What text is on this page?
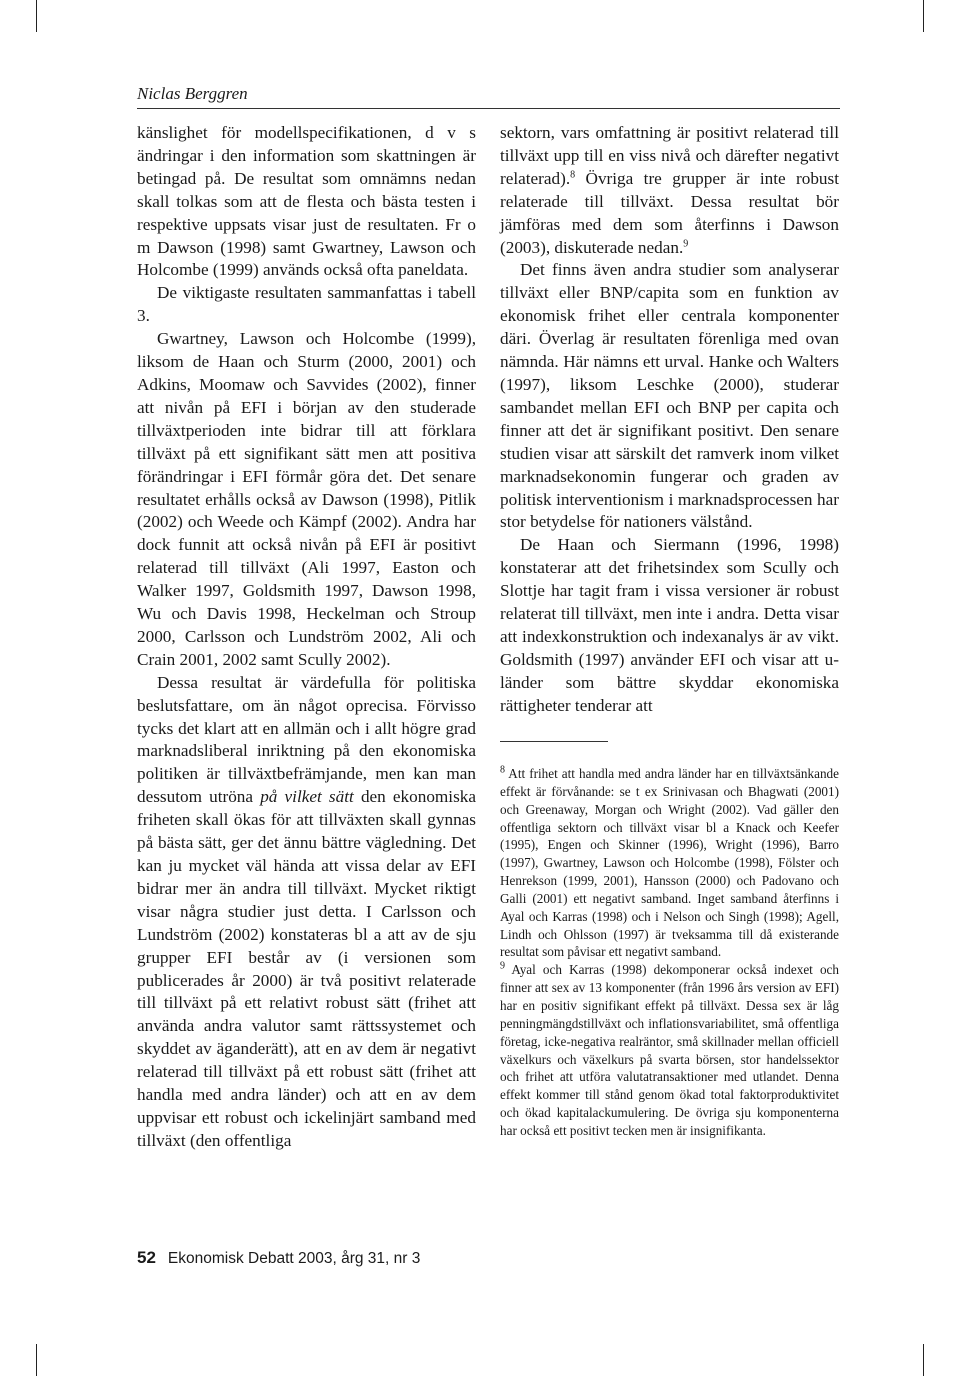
Niclas Berggren

känslighet för modellspecifikationen, d v s ändringar i den information som skattningen är betingad på. De resultat som omnämns nedan skall tolkas som att de flesta och bästa testen i respektive uppsats visar just de resultaten. Fr o m Dawson (1998) samt Gwartney, Lawson och Holcombe (1999) används också ofta paneldata.

De viktigaste resultaten sammanfattas i tabell 3.

Gwartney, Lawson och Holcombe (1999), liksom de Haan och Sturm (2000, 2001) och Adkins, Moomaw och Savvides (2002), finner att nivån på EFI i början av den studerade tillväxtperioden inte bidrar till att förklara tillväxt på ett signifikant sätt men att positiva förändringar i EFI förmår göra det. Det senare resultatet erhålls också av Dawson (1998), Pitlik (2002) och Weede och Kämpf (2002). Andra har dock funnit att också nivån på EFI är positivt relaterad till tillväxt (Ali 1997, Easton och Walker 1997, Goldsmith 1997, Dawson 1998, Wu och Davis 1998, Heckelman och Stroup 2000, Carlsson och Lundström 2002, Ali och Crain 2001, 2002 samt Scully 2002).

Dessa resultat är värdefulla för politiska beslutsfattare, om än något oprecisa. Förvisso tycks det klart att en allmän och i allt högre grad marknadsliberal inriktning på den ekonomiska politiken är tillväxtbefrämjande, men kan man dessutom utröna på vilket sätt den ekonomiska friheten skall ökas för att tillväxten skall gynnas på bästa sätt, ger det ännu bättre vägledning. Det kan ju mycket väl hända att vissa delar av EFI bidrar mer än andra till tillväxt. Mycket riktigt visar några studier just detta. I Carlsson och Lundström (2002) konstateras bl a att av de sju grupper EFI består av (i versionen som publicerades år 2000) är två positivt relaterade till tillväxt på ett relativt robust sätt (frihet att använda andra valutor samt rättssystemet och skyddet av äganderätt), att en av dem är negativt relaterad till tillväxt på ett robust sätt (frihet att handla med andra länder) och att en av dem uppvisar ett robust och ickelinjärt samband med tillväxt (den offentliga

sektorn, vars omfattning är positivt relaterad till tillväxt upp till en viss nivå och därefter negativt relaterad).$^8$ Övriga tre grupper är inte robust relaterade till tillväxt. Dessa resultat bör jämföras med dem som återfinns i Dawson (2003), diskuterade nedan.$^9$

Det finns även andra studier som analyserar tillväxt eller BNP/capita som en funktion av ekonomisk frihet eller centrala komponenter däri. Överlag är resultaten förenliga med ovan nämnda. Här nämns ett urval. Hanke och Walters (1997), liksom Leschke (2000), studerar sambandet mellan EFI och BNP per capita och finner att det är signifikant positivt. Den senare studien visar att särskilt det ramverk inom vilket marknadsekonomin fungerar och graden av politisk interventionism i marknadsprocessen har stor betydelse för nationers välstånd.

De Haan och Siermann (1996, 1998) konstaterar att det frihetsindex som Scully och Slottje har tagit fram i vissa versioner är robust relaterat till tillväxt, men inte i andra. Detta visar att indexkonstruktion och indexanalys är av vikt. Goldsmith (1997) använder EFI och visar att u-länder som bättre skyddar ekonomiska rättigheter tenderar att

$^8$ Att frihet att handla med andra länder har en tillväxtsänkande effekt är förvånande: se t ex Srinivasan och Bhagwati (2001) och Greenaway, Morgan och Wright (2002). Vad gäller den offentliga sektorn och tillväxt visar bl a Knack och Keefer (1995), Engen och Skinner (1996), Wright (1996), Barro (1997), Gwartney, Lawson och Holcombe (1998), Fölster och Henrekson (1999, 2001), Hansson (2000) och Padovano och Galli (2001) ett negativt samband. Inget samband återfinns i Ayal och Karras (1998) och i Nelson och Singh (1998); Agell, Lindh och Ohlsson (1997) är tveksamma till då existerande resultat som påvisar ett negativt samband.

$^9$ Ayal och Karras (1998) dekomponerar också indexet och finner att sex av 13 komponenter (från 1996 års version av EFI) har en positiv signifikant effekt på tillväxt. Dessa sex är låg penningmängdstillväxt och inflationsvariabilitet, små offentliga företag, icke-negativa realräntor, små skillnader mellan officiell växelkurs och växelkurs på svarta börsen, stor handelssektor och frihet att utföra valutatransaktioner med utlandet. Denna effekt kommer till stånd genom ökad total faktorproduktivitet och ökad kapitalackumulering. De övriga sju komponenterna har också ett positivt tecken men är insignifikanta.

52 Ekonomisk Debatt 2003, årg 31, nr 3
